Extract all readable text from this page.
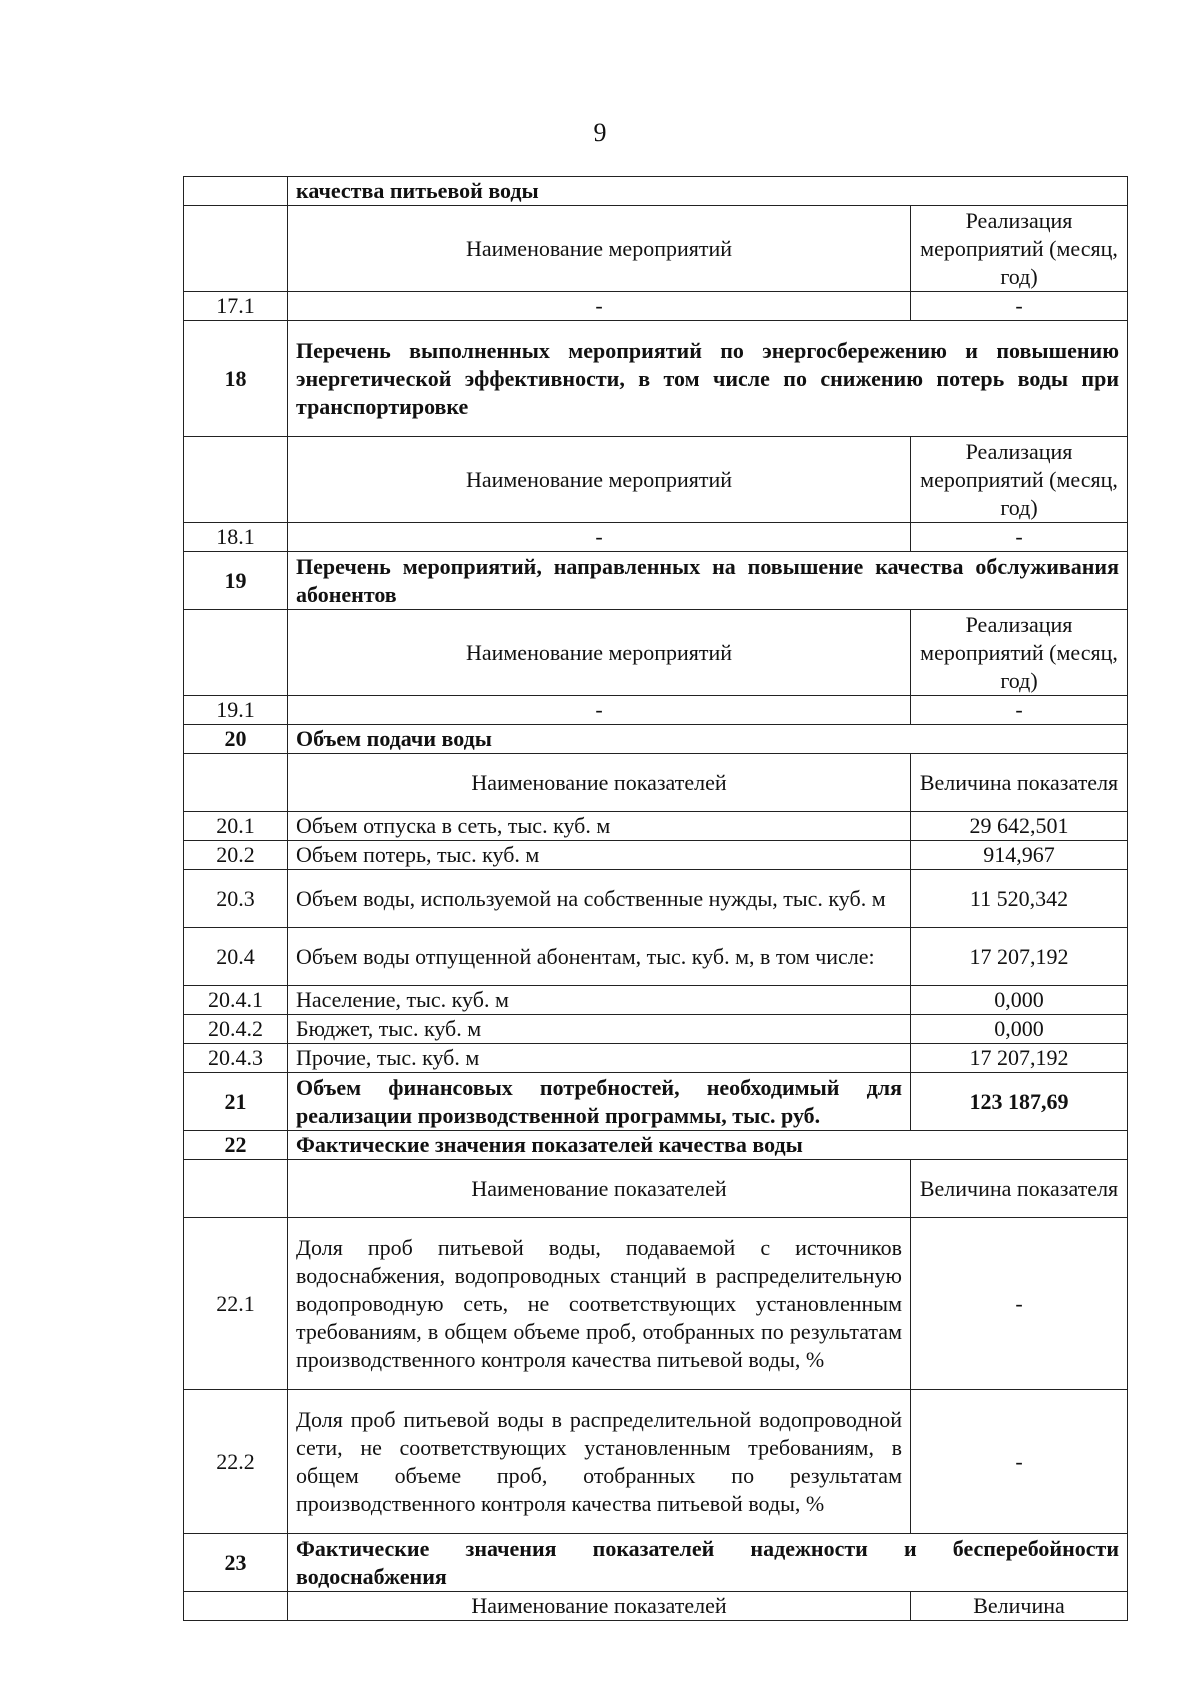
9
	качества питьевой воды	
	Наименование мероприятий	Реализация мероприятий (месяц, год)
17.1	-	-
18	Перечень выполненных мероприятий по энергосбережению и повышению энергетической эффективности, в том числе по снижению потерь воды при транспортировке	
	Наименование мероприятий	Реализация мероприятий (месяц, год)
18.1	-	-
19	Перечень мероприятий, направленных на повышение качества обслуживания абонентов	
	Наименование мероприятий	Реализация мероприятий (месяц, год)
19.1	-	-
20	Объем подачи воды	
	Наименование показателей	Величина показателя
20.1	Объем отпуска в сеть, тыс. куб. м	29 642,501
20.2	Объем потерь, тыс. куб. м	914,967
20.3	Объем воды, используемой на собственные нужды, тыс. куб. м	11 520,342
20.4	Объем воды отпущенной абонентам, тыс. куб. м, в том числе:	17 207,192
20.4.1	Население, тыс. куб. м	0,000
20.4.2	Бюджет, тыс. куб. м	0,000
20.4.3	Прочие, тыс. куб. м	17 207,192
21	Объем финансовых потребностей, необходимый для реализации производственной программы, тыс. руб.	123 187,69
22	Фактические значения показателей качества воды	
	Наименование показателей	Величина показателя
22.1	Доля проб питьевой воды, подаваемой с источников водоснабжения, водопроводных станций в распределительную водопроводную сеть, не соответствующих установленным требованиям, в общем объеме проб, отобранных по результатам производственного контроля качества питьевой воды, %	-
22.2	Доля проб питьевой воды в распределительной водопроводной сети, не соответствующих установленным требованиям, в общем объеме проб, отобранных по результатам производственного контроля качества питьевой воды, %	-
23	Фактические значения показателей надежности и бесперебойности водоснабжения	
	Наименование показателей	Величина
